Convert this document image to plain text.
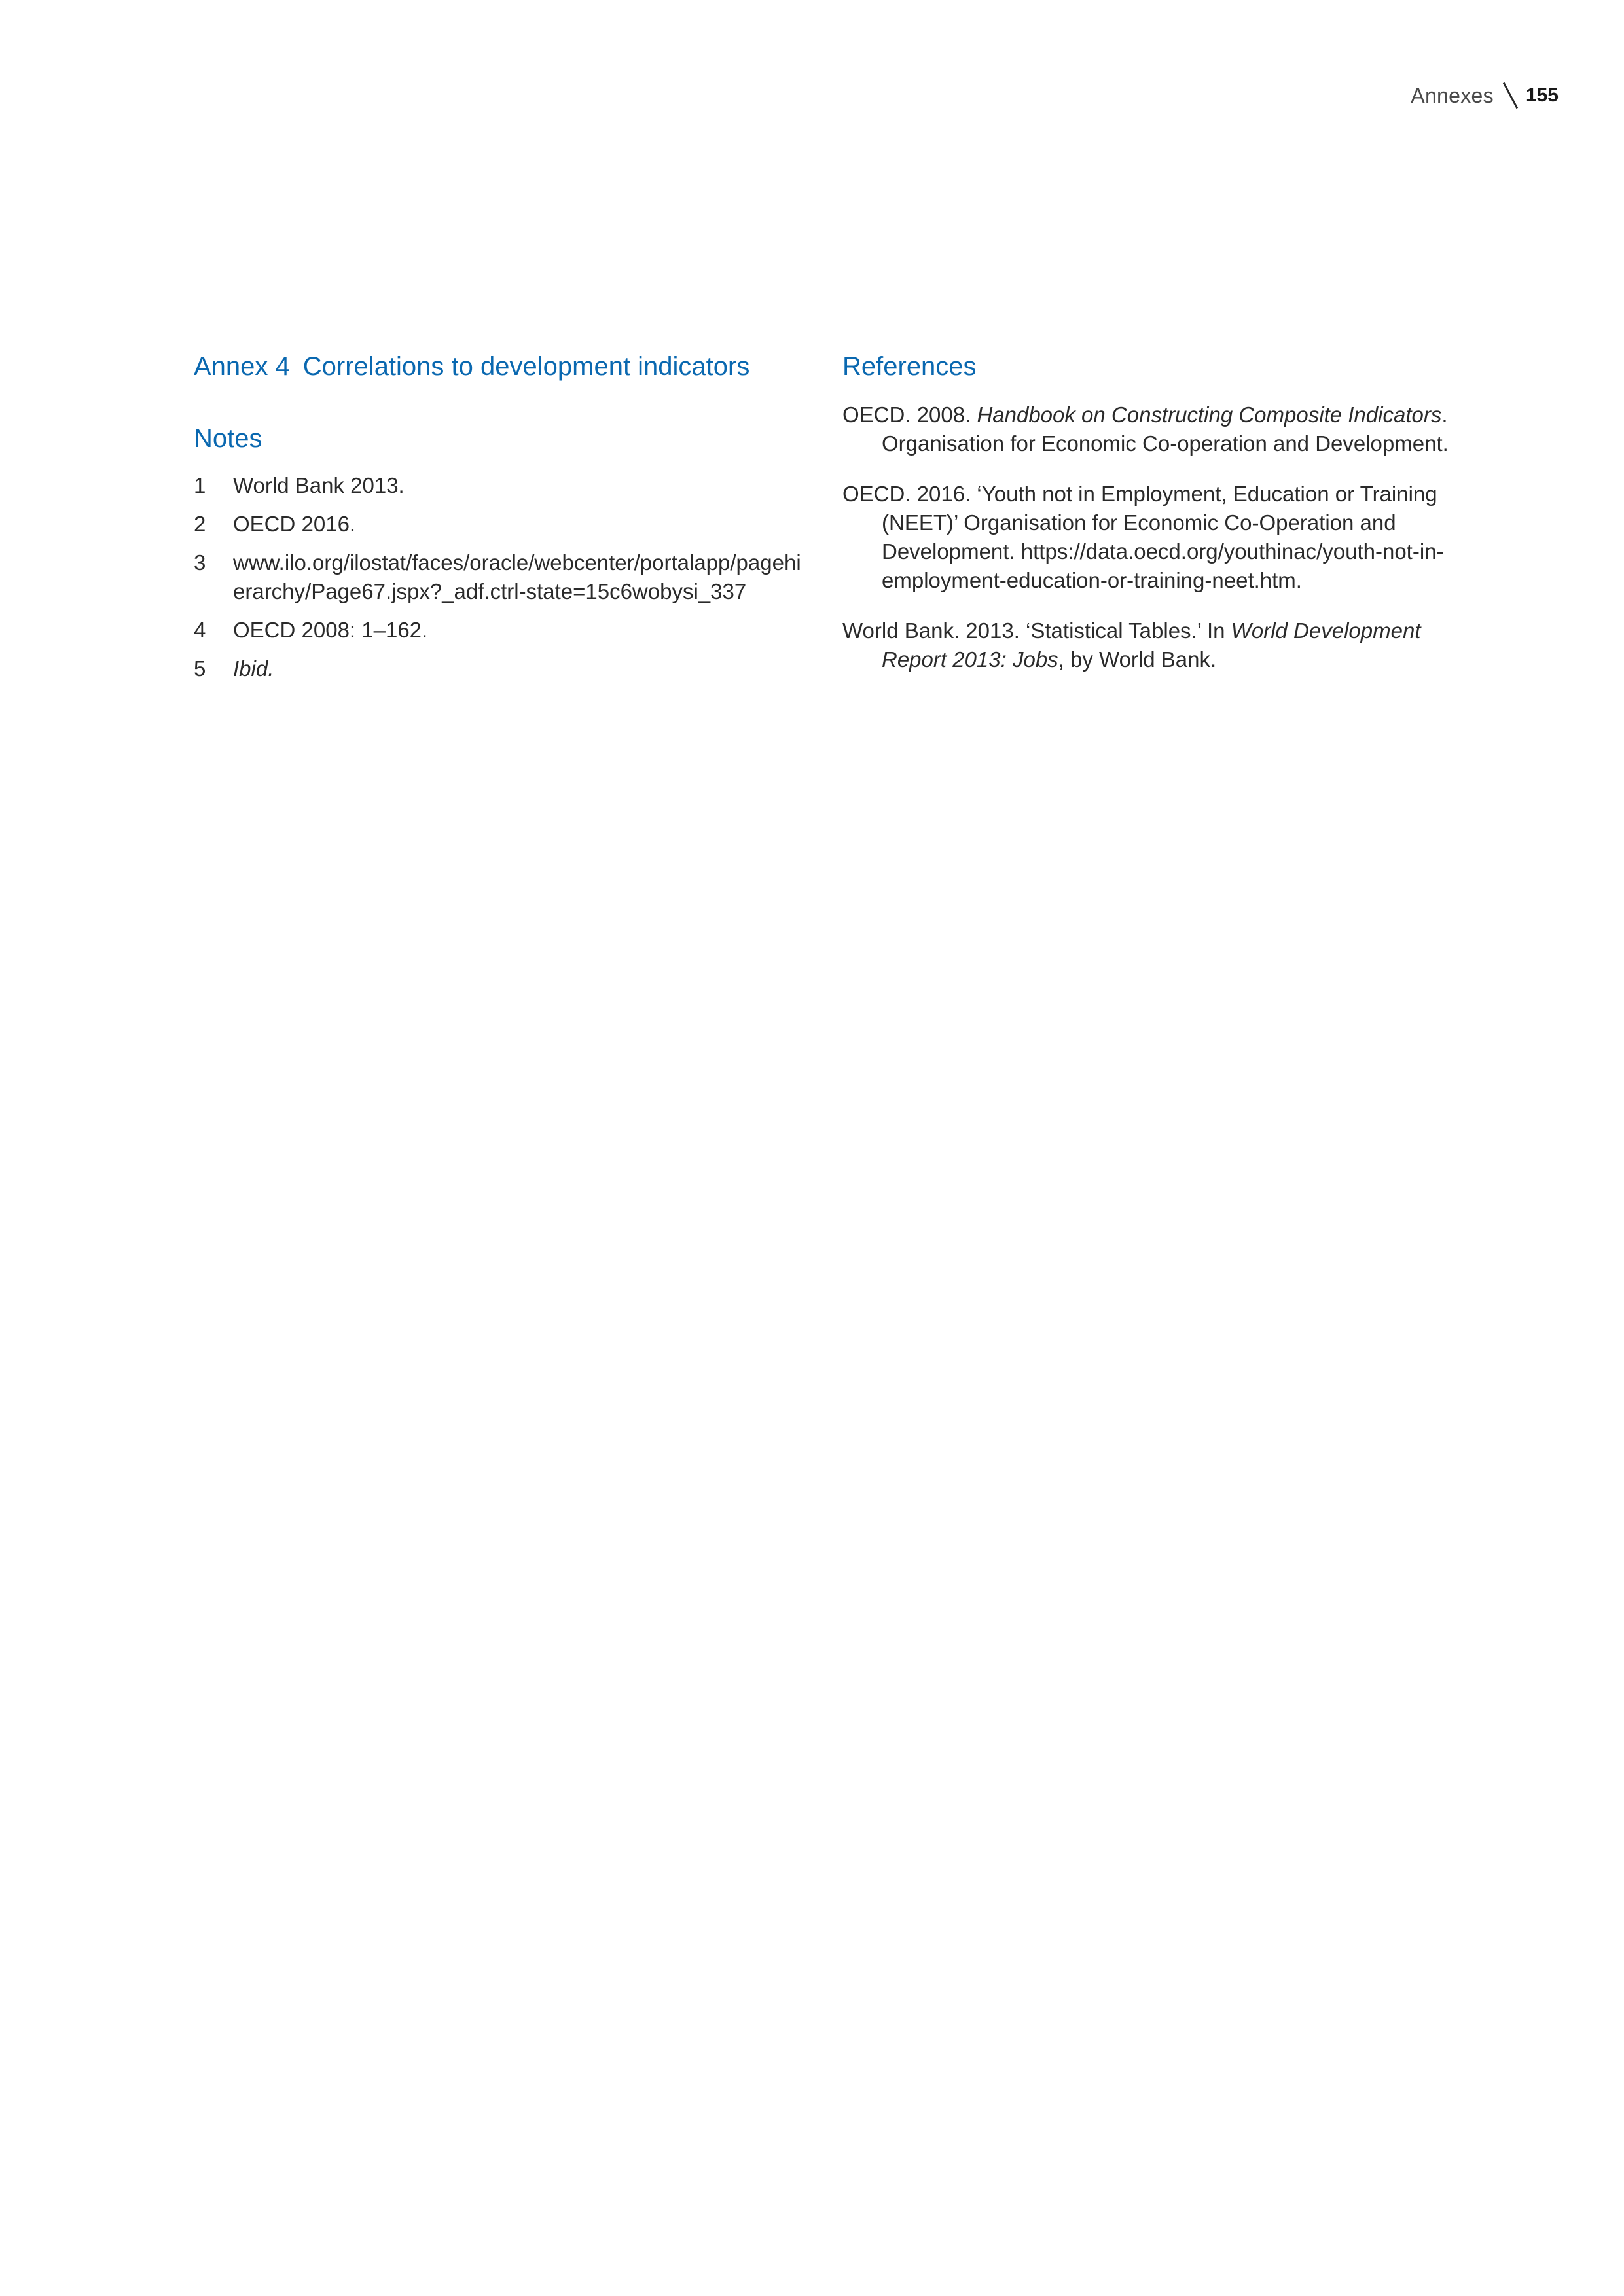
Annexes 155
Annex 4 Correlations to development indicators
Notes
1	World Bank 2013.
2	OECD 2016.
3	www.ilo.org/ilostat/faces/oracle/webcenter/portalapp/pagehierarchy/Page67.jspx?_adf.ctrl-state=15c6wobysi_337
4	OECD 2008: 1–162.
5	Ibid.
References

OECD. 2008. Handbook on Constructing Composite Indicators. Organisation for Economic Co-operation and Development.

OECD. 2016. ‘Youth not in Employment, Education or Training (NEET)’ Organisation for Economic Co-Operation and Development. https://data.oecd.org/youthinac/youth-not-in-employment-education-or-training-neet.htm.

World Bank. 2013. ‘Statistical Tables.’ In World Development Report 2013: Jobs, by World Bank.
